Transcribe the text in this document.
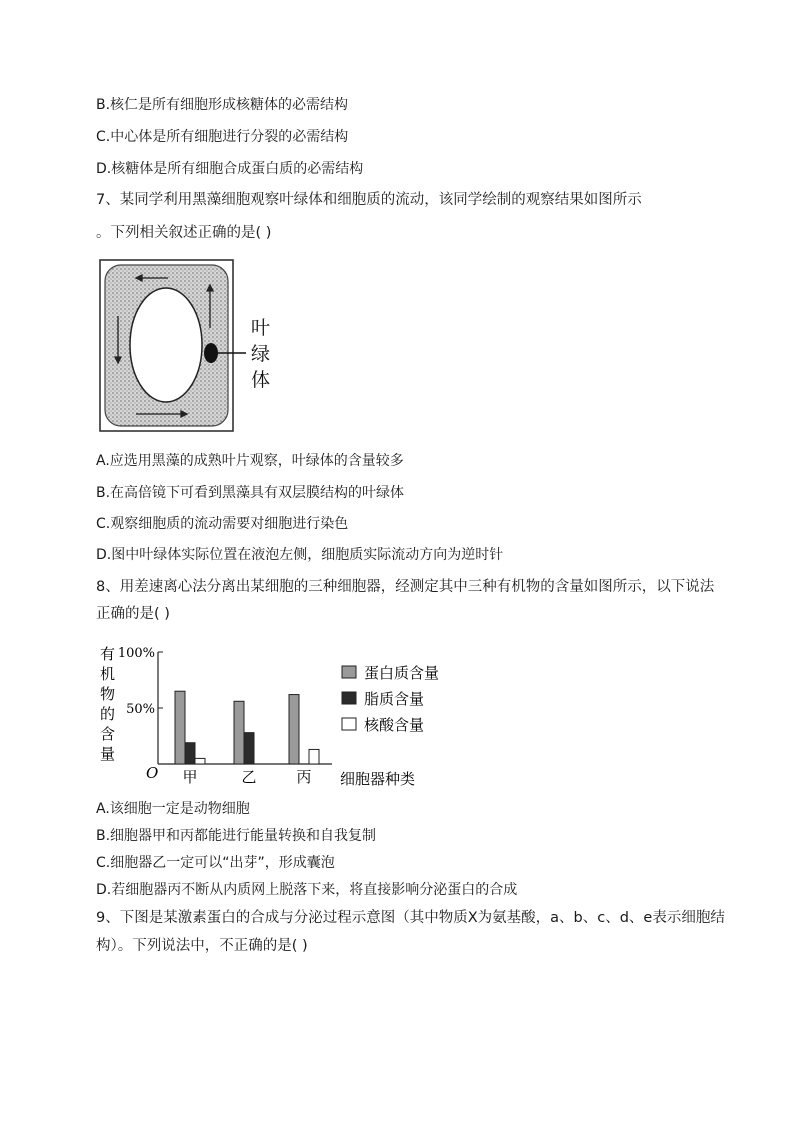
B.核仁是所有细胞形成核糖体的必需结构
C.中心体是所有细胞进行分裂的必需结构
D.核糖体是所有细胞合成蛋白质的必需结构
7、某同学利用黑藻细胞观察叶绿体和细胞质的流动，该同学绘制的观察结果如图所示
。下列相关叙述正确的是( )
叶
绿
体
A.应选用黑藻的成熟叶片观察，叶绿体的含量较多
B.在高倍镜下可看到黑藻具有双层膜结构的叶绿体
C.观察细胞质的流动需要对细胞进行染色
D.图中叶绿体实际位置在液泡左侧，细胞质实际流动方向为逆时针
8、用差速离心法分离出某细胞的三种细胞器，经测定其中三种有机物的含量如图所示，以下说法
正确的是( )
有
机
物
的
含
量
50%
100%
甲	乙	丙
O	细胞器种类
蛋白质含量
脂质含量
核酸含量
A.该细胞一定是动物细胞
B.细胞器甲和丙都能进行能量转换和自我复制
C.细胞器乙一定可以“出芽”，形成囊泡
D.若细胞器丙不断从内质网上脱落下来，将直接影响分泌蛋白的合成
9、下图是某激素蛋白的合成与分泌过程示意图（其中物质X为氨基酸，a、b、c、d、e表示细胞结
构）。下列说法中，不正确的是( )
